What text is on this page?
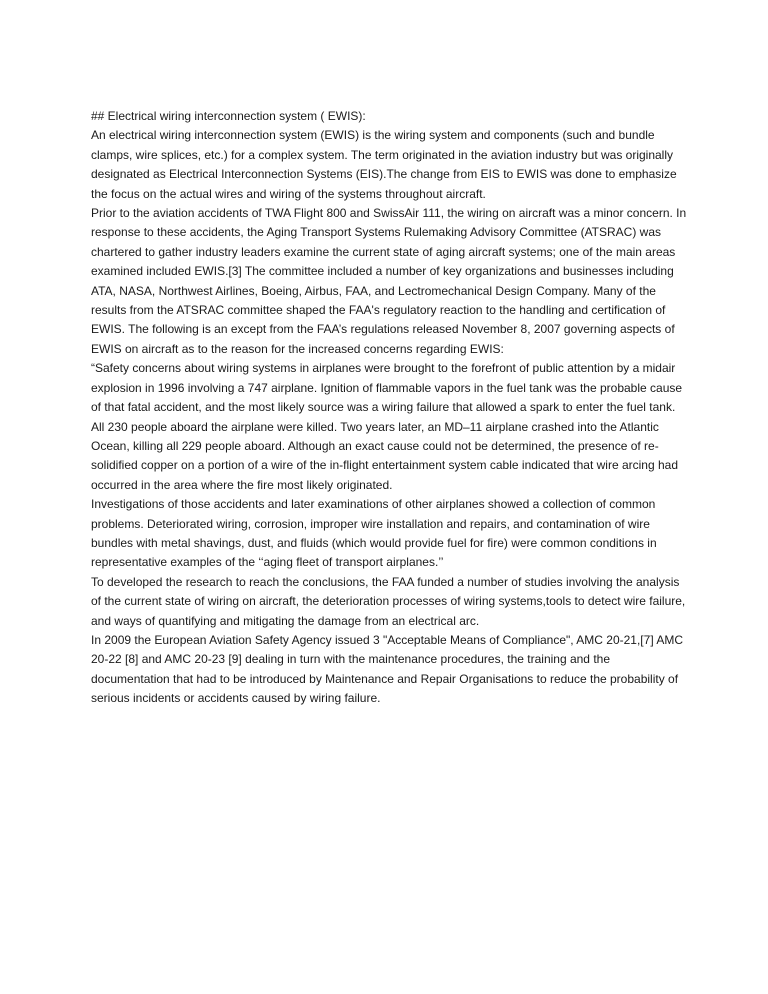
## Electrical wiring interconnection system ( EWIS):

An electrical wiring interconnection system (EWIS) is the wiring system and components (such and bundle clamps, wire splices, etc.) for a complex system. The term originated in the aviation industry but was originally designated as Electrical Interconnection Systems (EIS).The change from EIS to EWIS was done to emphasize the focus on the actual wires and wiring of the systems throughout aircraft.

Prior to the aviation accidents of TWA Flight 800 and SwissAir 111, the wiring on aircraft was a minor concern. In response to these accidents, the Aging Transport Systems Rulemaking Advisory Committee (ATSRAC) was chartered to gather industry leaders examine the current state of aging aircraft systems; one of the main areas examined included EWIS.[3] The committee included a number of key organizations and businesses including ATA, NASA, Northwest Airlines, Boeing, Airbus, FAA, and Lectromechanical Design Company. Many of the results from the ATSRAC committee shaped the FAA's regulatory reaction to the handling and certification of EWIS. The following is an except from the FAA’s regulations released November 8, 2007 governing aspects of EWIS on aircraft as to the reason for the increased concerns regarding EWIS:

“Safety concerns about wiring systems in airplanes were brought to the forefront of public attention by a midair explosion in 1996 involving a 747 airplane. Ignition of flammable vapors in the fuel tank was the probable cause of that fatal accident, and the most likely source was a wiring failure that allowed a spark to enter the fuel tank. All 230 people aboard the airplane were killed. Two years later, an MD–11 airplane crashed into the Atlantic Ocean, killing all 229 people aboard. Although an exact cause could not be determined, the presence of re-solidified copper on a portion of a wire of the in-flight entertainment system cable indicated that wire arcing had occurred in the area where the fire most likely originated.

Investigations of those accidents and later examinations of other airplanes showed a collection of common problems. Deteriorated wiring, corrosion, improper wire installation and repairs, and contamination of wire bundles with metal shavings, dust, and fluids (which would provide fuel for fire) were common conditions in representative examples of the ‘‘aging fleet of transport airplanes.’’

To developed the research to reach the conclusions, the FAA funded a number of studies involving the analysis of the current state of wiring on aircraft, the deterioration processes of wiring systems,tools to detect wire failure, and ways of quantifying and mitigating the damage from an electrical arc.

In 2009 the European Aviation Safety Agency issued 3 "Acceptable Means of Compliance", AMC 20-21,[7] AMC 20-22 [8] and AMC 20-23 [9] dealing in turn with the maintenance procedures, the training and the documentation that had to be introduced by Maintenance and Repair Organisations to reduce the probability of serious incidents or accidents caused by wiring failure.
